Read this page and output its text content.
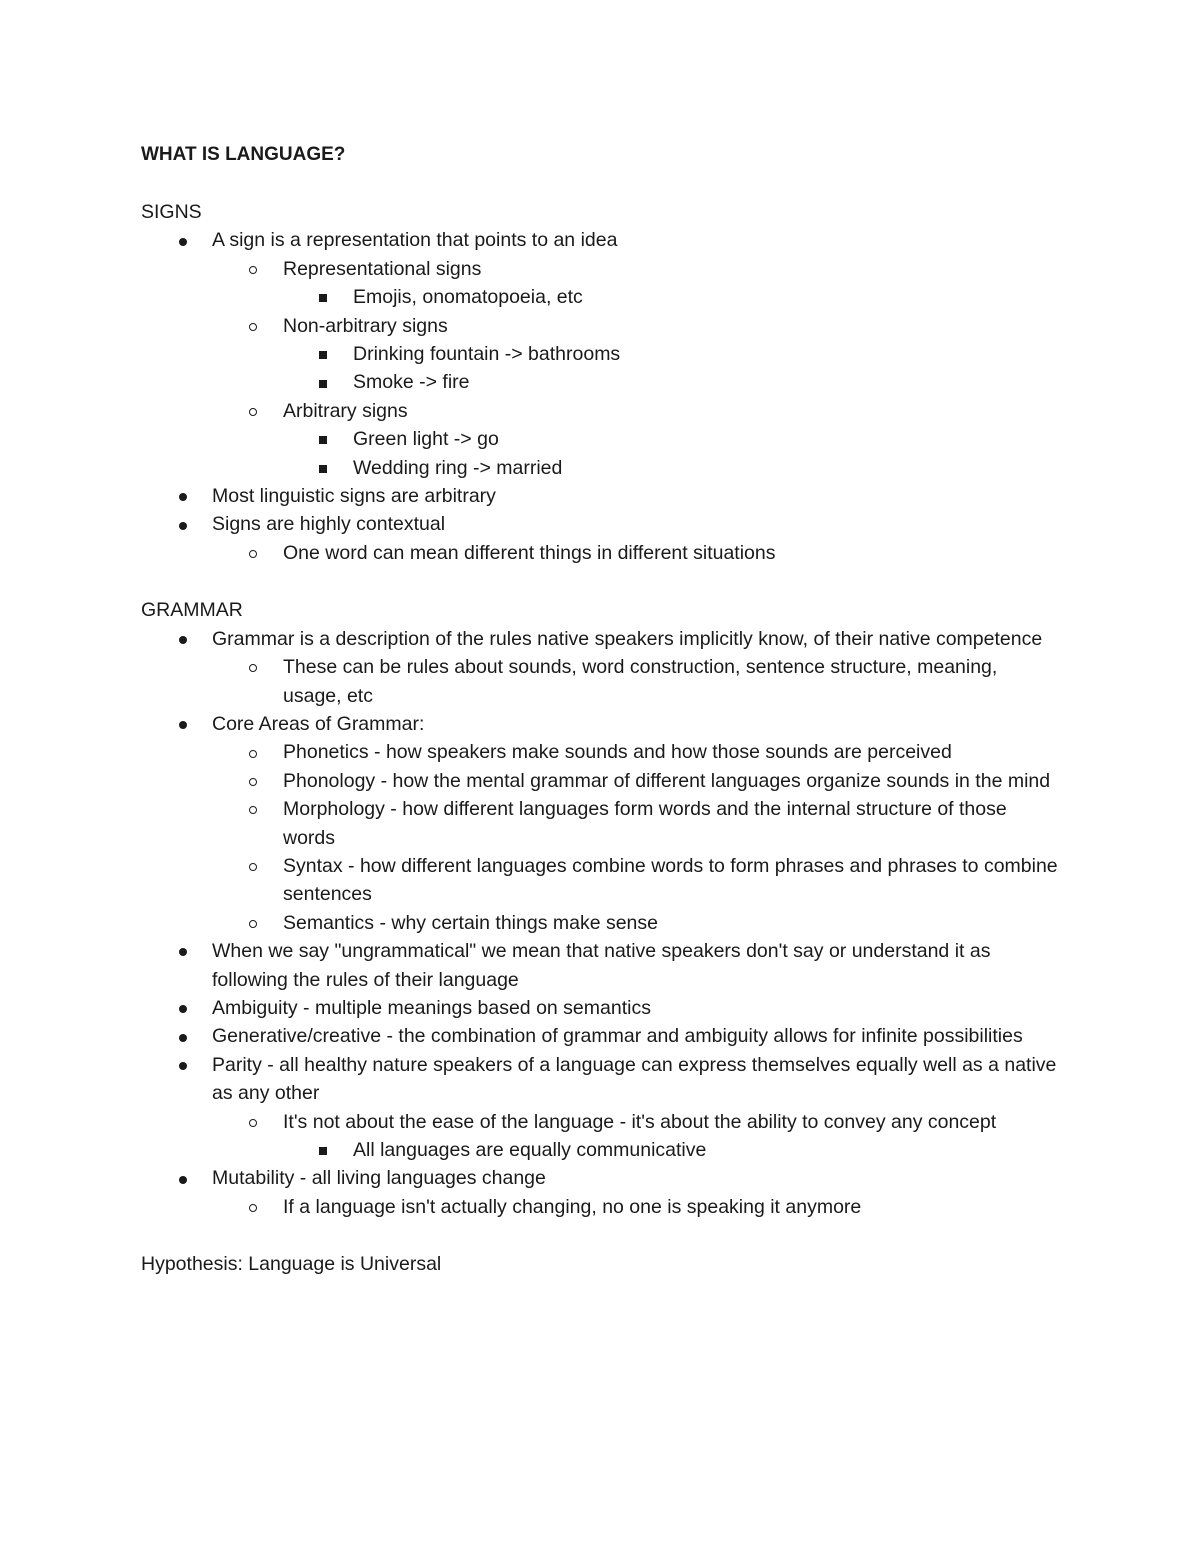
WHAT IS LANGUAGE?

SIGNS

A sign is a representation that points to an idea
Representational signs
Emojis, onomatopoeia, etc
Non-arbitrary signs
Drinking fountain -> bathrooms
Smoke -> fire
Arbitrary signs
Green light -> go
Wedding ring -> married
Most linguistic signs are arbitrary
Signs are highly contextual
One word can mean different things in different situations

GRAMMAR

Grammar is a description of the rules native speakers implicitly know, of their native competence
These can be rules about sounds, word construction, sentence structure, meaning, usage, etc
Core Areas of Grammar:
Phonetics - how speakers make sounds and how those sounds are perceived
Phonology - how the mental grammar of different languages organize sounds in the mind
Morphology - how different languages form words and the internal structure of those words
Syntax - how different languages combine words to form phrases and phrases to combine sentences
Semantics - why certain things make sense
When we say "ungrammatical" we mean that native speakers don't say or understand it as following the rules of their language
Ambiguity - multiple meanings based on semantics
Generative/creative - the combination of grammar and ambiguity allows for infinite possibilities
Parity - all healthy nature speakers of a language can express themselves equally well as a native as any other
It's not about the ease of the language - it's about the ability to convey any concept
All languages are equally communicative
Mutability - all living languages change
If a language isn't actually changing, no one is speaking it anymore

Hypothesis: Language is Universal
